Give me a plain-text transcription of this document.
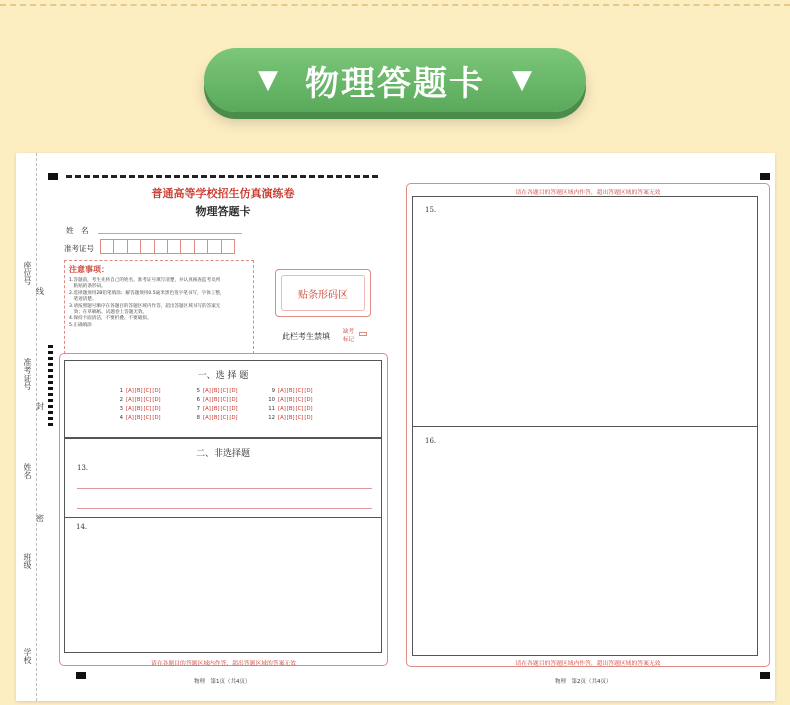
▼ 物理答题卡	▼
座位号
线
准考证号
封
姓名
密
班级
学校
普通高等学校招生仿真演练卷
物理答题卡
姓　名
准考证号
注意事项：

1.答题前，考生先将自己的姓名、准考证号填写清楚，并认真核查监考员所

　粘贴的条形码。

2.选择题须用2B铅笔填涂；解答题须用0.5毫米黑色签字笔书写，字体工整，

　笔迹清楚。

3.请按照题号顺序在各题目的答题区域内作答，超出答题区域书写的答案无

　效；在草稿纸、试题卷上答题无效。

4.保持卡面清洁，不要折叠、不要破损。

5.正确填涂

贴条形码区
此栏考生禁填 缺考
标记
一、选 择 题
1 [A][B][C][D]
2 [A][B][C][D]
3 [A][B][C][D]
4 [A][B][C][D]
5 [A][B][C][D]
6 [A][B][C][D]
7 [A][B][C][D]
8 [A][B][C][D]
9 [A][B][C][D]
10 [A][B][C][D]
11 [A][B][C][D]
12 [A][B][C][D]
二、非选择题
13.
14.
请在各题目的答题区域内作答，超出答题区域的答案无效
请在各题目的答题区域内作答，超出答题区域的答案无效
15.
16.
请在各题目的答题区域内作答，超出答题区域的答案无效
物理　第1页（共4页）	物理　第2页（共4页）
